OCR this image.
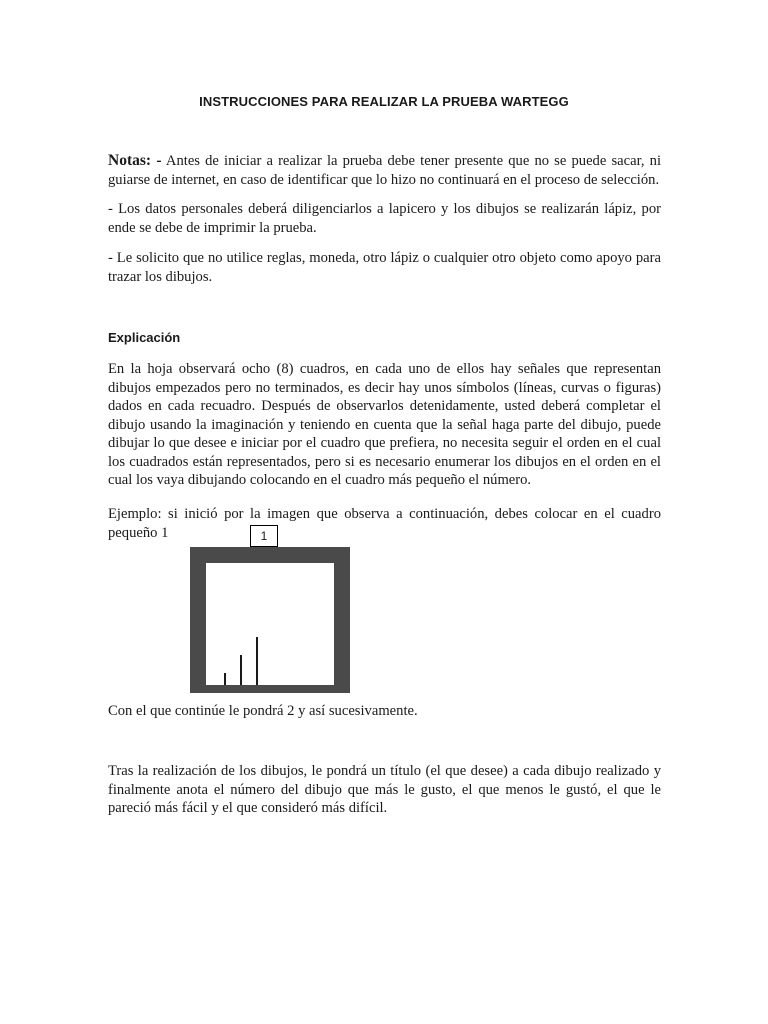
INSTRUCCIONES PARA REALIZAR LA PRUEBA WARTEGG
Notas: - Antes de iniciar a realizar la prueba debe tener presente que no se puede sacar, ni guiarse de internet, en caso de identificar que lo hizo no continuará en el proceso de selección.
- Los datos personales deberá diligenciarlos a lapicero y los dibujos se realizarán lápiz, por ende se debe de imprimir la prueba.
- Le solicito que no utilice reglas, moneda, otro lápiz o cualquier otro objeto como apoyo para trazar los dibujos.
Explicación
En la hoja observará ocho (8) cuadros, en cada uno de ellos hay señales que representan dibujos empezados pero no terminados, es decir hay unos símbolos (líneas, curvas o figuras) dados en cada recuadro. Después de observarlos detenidamente, usted deberá completar el dibujo usando la imaginación y teniendo en cuenta que la señal haga parte del dibujo, puede dibujar lo que desee e iniciar por el cuadro que prefiera, no necesita seguir el orden en el cual los cuadrados están representados, pero si es necesario enumerar los dibujos en el orden en el cual los vaya dibujando colocando en el cuadro más pequeño el número.
Ejemplo: si inició por la imagen que observa a continuación, debes colocar en el cuadro pequeño 1	1
Con el que continúe le pondrá 2 y así sucesivamente.
Tras la realización de los dibujos, le pondrá un título (el que desee) a cada dibujo realizado y finalmente anota el número del dibujo que más le gusto, el que menos le gustó, el que le pareció más fácil y el que consideró más difícil.
